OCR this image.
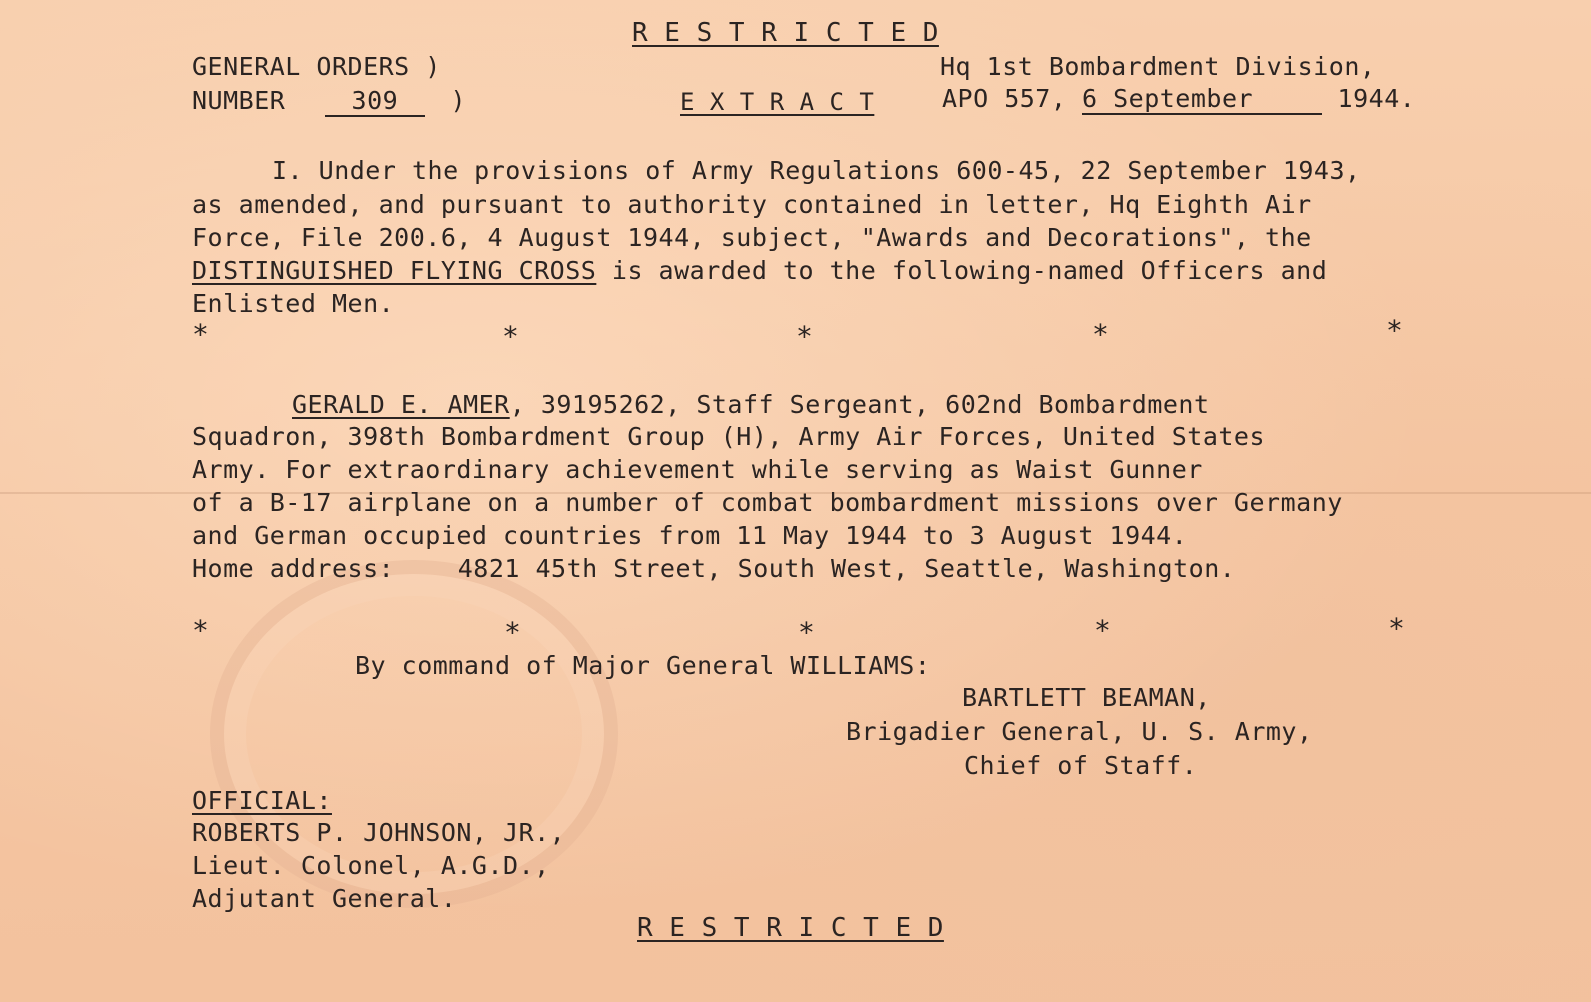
R E S T R I C T E D
GENERAL ORDERS )
NUMBER	309 )
Hq 1st Bombardment Division,
E X T R A C T	APO 557, 6 September	1944.
I. Under the provisions of Army Regulations 600-45, 22 September 1943,
as amended, and pursuant to authority contained in letter, Hq Eighth Air
Force, File 200.6, 4 August 1944, subject, "Awards and Decorations", the
DISTINGUISHED FLYING CROSS is awarded to the following-named Officers and
Enlisted Men.
*	*	*	*	*
GERALD E. AMER, 39195262, Staff Sergeant, 602nd Bombardment
Squadron, 398th Bombardment Group (H), Army Air Forces, United States
Army. For extraordinary achievement while serving as Waist Gunner
of a B-17 airplane on a number of combat bombardment missions over Germany
and German occupied countries from 11 May 1944 to 3 August 1944.
Home address:	4821 45th Street, South West, Seattle, Washington.
*	*	*	*	*
By command of Major General WILLIAMS:
BARTLETT BEAMAN,
Brigadier General, U. S. Army,
Chief of Staff.
OFFICIAL:
ROBERTS P. JOHNSON, JR.,
Lieut. Colonel, A.G.D.,
Adjutant General.
R E S T R I C T E D
